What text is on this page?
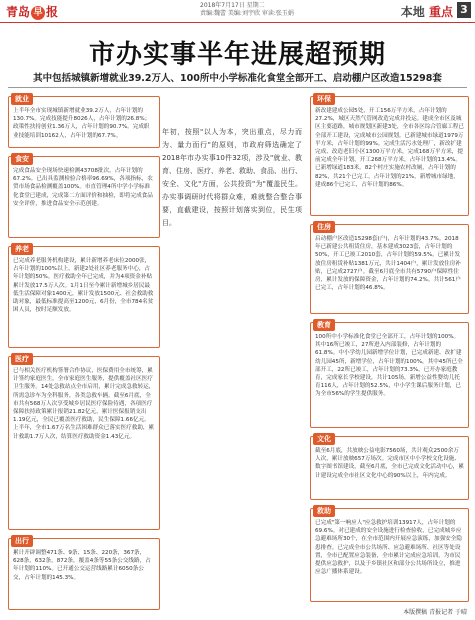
青岛 早 报	2018年7月17日 星期二
责编:魏蕾 美编:刘宇欣 审读:张玉娟	本地 重点 3
市办实事半年进展超预期
其中包括城镇新增就业39.2万人、100所中小学标准化食堂全部开工、启动棚户区改造15298套
就业
上半年全市实现城镇新增就业39.2万人，占年计划的130.7%。完成技能提升8026人，占年计划的26.8%；政策性扶持创业1.36万人，占年计划的90.7%。完成职业技能培训10162人，占年计划的67.7%。
食安
完成食品安全现场快速检测43708批次，占年计划的67.2%。已出具监测检验合格率96.69%，各项指标，农贸市场食品检测覆盖100%。市直管理4所中学小学标准化食堂已建成，完成第二方面评价和抽检，即将完成食品安全评价，推进食品安全示范创建。
养老
已完成养老服务机构建设，累计新增养老床位2000张，占年计划的100%以上。新建2处社区养老服务中心，占年计划的50%。医疗救助全年已完成，并为4项资金补贴累计发放17.5万人次。1月1日至今累计新增城乡居民最低生活保障对象1400元，累计发放1500元、社会救助救助对象，最低标准提高至1200元，6月份，全市784名贫困人员，按时足额发放。
医疗
已与相关医疗机构签署合作协议，医保费用全市统筹，累计签约家庭医生，全市家庭医生服务，提供覆盖社区医疗卫生服务。14处急救站点全市启用，累计完成急救转运，所需急诊车为全科服务，各类急救车辆。截至6月底，全市共有568万人次享受城乡居民医疗保险待遇，各项医疗保障扶持政策累计报销21.82亿元。累计医保报销支出1.19亿元，全民已覆盖医疗救助，民生保障1.66亿元。上半年，全市1.67万名生活困难群众已落实医疗救助，累计救助1.7万人次，结算医疗救助资金1.43亿元。
出行
累计开辟调整471条、9条、15条、220条，367条，628条，632条，872条，覆盖4条等55条公交线路，占年计划的110%。已开通公交运营线路累计6050条公交，占年计划的145.3%。
年初，按照"以人为本，突出重点，尽力而为、量力而行"的原则，市政府筛选确定了2018年市办实事10件32项，涉及"就业、教育、住房、医疗、养老、救助、食品、出行、安全、文化"方面，公共投资"为"覆盖民生。办实事调研时代将群众难，难就整合整合事要，直截建设，按照计划落实到位，民生项目。
环保
新改建建成公园5处，开工156万平方米，占年计划的27.2%，城区天然气管网改造完成并投运。建成全市区及城区主要道路，城市规划区新建3处，全市各区综合管廊工程已全部开工建设，完成城市公园规划。已新建城市绿道1979万平方米，占年计划的99%。完成生活污水处理厂，新改扩建完成、改造老旧小区1300万平方米，完成168万平方米，提前完成全年计划，开工268万平方米，占年计划的13.4%。已新增绿道183米。82个村庄实施农村改厕，占年计划的82%，共21个已完工，占年计划的21%，新增城市绿地，建成86个已完工，占年计划的86%。
住房
启动棚户区改造15298套(户)，占年计划的43.7%。2018年已新建公共租赁住房，基本建成3023套，占年计划的50%，开工已竣工2010套，占年计划的59.5%。已累计发放住房租赁补贴1381万元，共计1404户，累计发放住房补贴，已完成2727户。截至6月底全市共有5790户保障性住房，累计发放的保障资金，占年计划的74.2%。共计561户已完工，占年计划的46.8%。
教育
100所中小学标准化食堂已全部开工，占年计划的100%。其中16所已竣工，27所进入内部装修，占年计划的61.8%。中小学幼儿园新增学位计划，已完成新建、改扩建幼儿园45所，新增学位，占年计划的100%，其中45所已全部开工，22所已竣工，占年计划的73.3%。已开办家庭教育，完成家长学校建设，共计105场，新增公益性婴幼儿托育116人，占年计划的52.5%，中小学生课后服务计划，已为全市56%的学生提供服务。
文化
截至6月底，共放映公益电影7560场，共计观众2500余万人次，累计放映657万场次。完成市区中小学校文化设施、数字图书馆建设，截至6月底，全市已完成文化活动中心，累计建设完成全市社区文化中心的90%以上，年内完成。
救助
已完成"第一响应人"应急救护培训13917人，占年计划的69.6%。对已建成的安全设施进行检查验收，已完成城乡应急避难场所30个，在全市范围内开展应急演练，加强安全隐患排查。已完成全市公共场所、应急避难场所、社区等处设置，全市已配置应急装备，全市累计完成应急培训，为市民提供应急救护，以及于乡镇社区和部分公共场所设立，推进应急广播体系建设。
本版撰稿 青报记者 于晴
